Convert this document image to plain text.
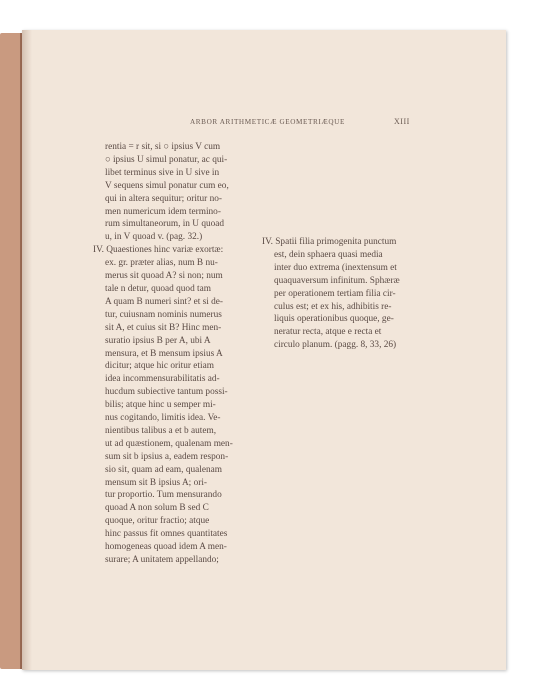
ARBOR ARITHMETICÆ GEOMETRIÆQUE	XIII
rentia = r sit, si ○ ipsius V cum
○ ipsius U simul ponatur, ac qui-
libet terminus sive in U sive in
V sequens simul ponatur cum eo,
qui in altera sequitur; oritur no-
men numericum idem termino-
rum simultaneorum, in U quoad
u, in V quoad v. (pag. 32.)
IV. Quaestiones hinc variæ exortæ:
ex. gr. præter alias, num B nu-
merus sit quoad A? si non; num
tale n detur, quoad quod tam
A quam B numeri sint? et si de-
tur, cuiusnam nominis numerus
sit A, et cuius sit B? Hinc men-
suratio ipsius B per A, ubi A
mensura, et B mensum ipsius A
dicitur; atque hic oritur etiam
idea incommensurabilitatis ad-
hucdum subiective tantum possi-
bilis; atque hinc u semper mi-
nus cogitando, limitis idea. Ve-
nientibus talibus a et b autem,
ut ad quæstionem, qualenam men-
sum sit b ipsius a, eadem respon-
sio sit, quam ad eam, qualenam
mensum sit B ipsius A; ori-
tur proportio. Tum mensurando
quoad A non solum B sed C
quoque, oritur fractio; atque
hinc passus fit omnes quantitates
homogeneas quoad idem A men-
surare; A unitatem appellando;
IV. Spatii filia primogenita punctum
est, dein sphaera quasi media
inter duo extrema (inextensum et
quaquaversum infinitum. Sphæræ
per operationem tertiam filia cir-
culus est; et ex his, adhibitis re-
liquis operationibus quoque, ge-
neratur recta, atque e recta et
circulo planum. (pagg. 8, 33, 26)
